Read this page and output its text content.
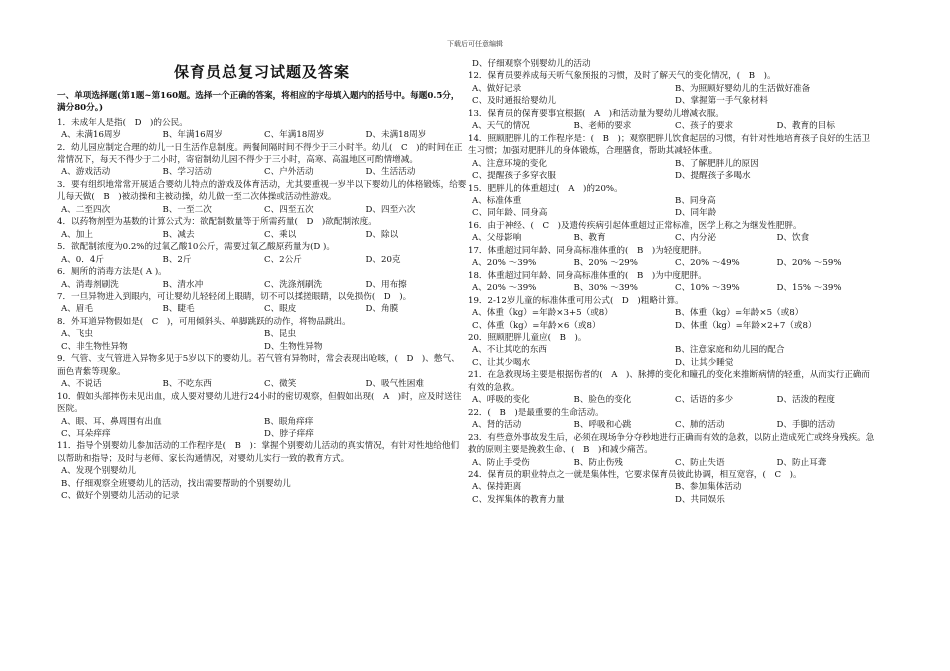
下载后可任意编辑
保育员总复习试题及答案
一、单项选择题(第1题~第160题。选择一个正确的答案，将相应的字母填入题内的括号中。每题0.5分，满分80分。)
1．未成年人是指(　D　)的公民。
A、未满16周岁	B、年满16周岁	C、年满18周岁	D、未满18周岁
2．幼儿园应制定合理的幼儿一日生活作息制度。两餐间隔时间不得少于三小时半。幼儿(　C　)的时间在正常情况下，每天不得少于二小时，寄宿制幼儿园不得少于三小时，高寒、高温地区可酌情增减。
A、游戏活动	B、学习活动	C、户外活动	D、生活活动
3．要有组织地常常开展适合婴幼儿特点的游戏及体育活动，尤其要重视一岁半以下婴幼儿的体格锻炼，给婴儿每天做(　B　)被动操和主被动操，幼儿做一至二次体操或活动性游戏。
A、二至四次	B、一至二次	C、四至五次	D、四至六次
4．以药物剂型为基数的计算公式为：欲配制数量等于所需药量(　D　)欲配制浓度。
A、加上	B、减去	C、乘以	D、除以
5．欲配制浓度为0.2%的过氧乙酸10公斤，需要过氧乙酸原药量为(D )。
A、0．4斤	B、2斤	C、2公斤	D、20克
6．厕所的消毒方法是( A )。
A、消毒剂刷洗	B、清水冲	C、洗涤剂刷洗	D、用布擦
7．一旦异物进入到眼内，可让婴幼儿轻轻闭上眼睛，切不可以揉搓眼睛，以免损伤(　D　)。
A、眉毛	B、睫毛	C、眼皮	D、角膜
8．外耳道异物假如是(　C　)，可用倾斜头、单脚跳跃的动作，将物品跳出。
A、飞虫	B、昆虫
C、非生物性异物	D、生物性异物
9．气管、支气管进入异物多见于5岁以下的婴幼儿。若气管有异物时，常会表现出呛咳，(　D　)、憋气、面色青紫等现象。
A、不说话	B、不吃东西	C、微笑	D、吸气性困难
10．假如头部摔伤未见出血，成人要对婴幼儿进行24小时的密切观察，但假如出现(　A　)时，应及时送往医院。
A、眼、耳、鼻周围有出血	B、眼角痒痒
C、耳朵痒痒	D、脖子痒痒
11．指导个别婴幼儿参加活动的工作程序是(　B　)：掌握个别婴幼儿活动的真实情况，有针对性地给他们以帮助和指导；及时与老师、家长沟通情况，对婴幼儿实行一致的教育方式。
A、发现个别婴幼儿
B、仔细观察全班婴幼儿的活动，找出需要帮助的个别婴幼儿
C、做好个别婴幼儿活动的记录
D、仔细观察个别婴幼儿的活动
12．保育员要养成每天听气象预报的习惯，及时了解天气的变化情况，(　B　)。
A、做好记录	B、为照顾好婴幼儿的生活做好准备
C、及时通报给婴幼儿	D、掌握第一手气象材料
13．保育员的保育要事宜根据(　A　)和活动量为婴幼儿增减衣服。
A、天气的情况	B、老师的要求	C、孩子的要求	D、教育的目标
14．照顾肥胖儿的工作程序是：(　B　)；观察肥胖儿饮食起居的习惯，有针对性地培育孩子良好的生活卫生习惯；加强对肥胖儿的身体锻炼，合理膳食，帮助其减轻体重。
A、注意环境的变化	B、了解肥胖儿的原因
C、提醒孩子多穿衣服	D、提醒孩子多喝水
15．肥胖儿的体重超过(　A　)的20%。
A、标准体重	B、同身高
C、同年龄、同身高	D、同年龄
16．由于神经、(　C　)及遗传疾病引起体重超过正常标准，医学上称之为继发性肥胖。
A、父母影响	B、教育	C、内分泌	D、饮食
17．体重超过同年龄、同身高标准体重的(　B　)为轻度肥胖。
A、20% ～39%	B、20% ～29%	C、20% ～49%	D、20% ～59%
18．体重超过同年龄、同身高标准体重的(　B　)为中度肥胖。
A、20% ～39%	B、30% ～39%	C、10% ～39%	D、15% ～39%
19．2-12岁儿童的标准体重可用公式(　D　)粗略计算。
A、体重（kg）=年龄×3+5（或8）	B、体重（kg）=年龄×5（或8）
C、体重（kg）=年龄×6（或8）	D、体重（kg）=年龄×2+7（或8）
20．照顾肥胖儿童应(　B　)。
A、不让其吃的东西	B、注意家庭和幼儿园的配合
C、让其少喝水	D、让其少睡觉
21．在急救现场主要是根据伤者的(　A　)、脉搏的变化和瞳孔的变化来推断病情的轻重，从而实行正确而有效的急救。
A、呼吸的变化	B、脸色的变化	C、话语的多少	D、活泼的程度
22．(　B　)是最重要的生命活动。
A、肾的活动	B、呼吸和心跳	C、肺的活动	D、手脚的活动
23．有些意外事故发生后，必须在现场争分夺秒地进行正确而有效的急救，以防止造成死亡或终身残疾。急救的原则主要是挽救生命、(　B　)和减少痛苦。
A、防止手受伤	B、防止伤残	C、防止失语	D、防止耳聋
24．保育员的职业特点之一就是集体性，它要求保育员彼此协调，相互宽容，(　C　)。
A、保持距离	B、参加集体活动
C、发挥集体的教育力量	D、共同娱乐
